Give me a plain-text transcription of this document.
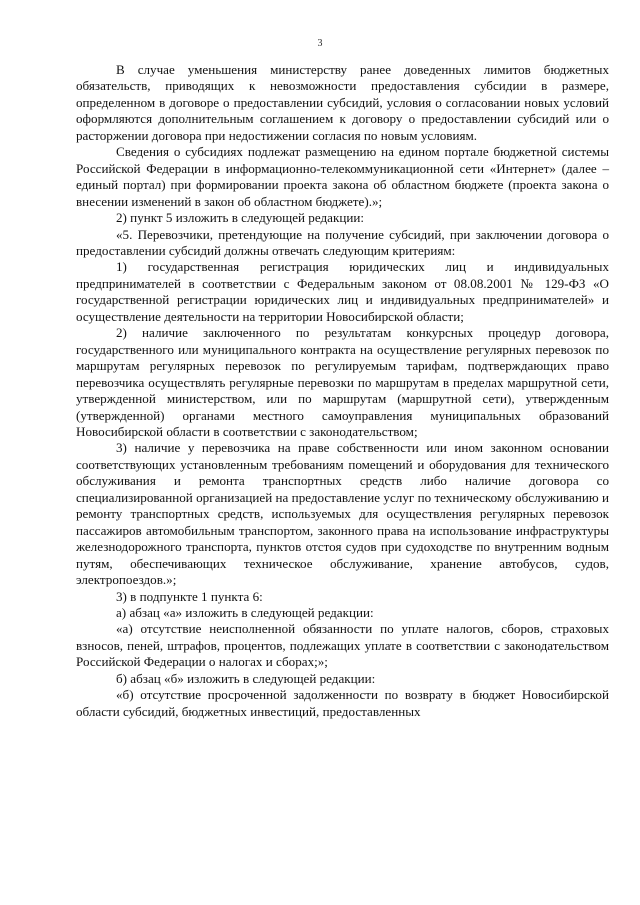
3

В случае уменьшения министерству ранее доведенных лимитов бюджетных обязательств, приводящих к невозможности предоставления субсидии в размере, определенном в договоре о предоставлении субсидий, условия о согласовании новых условий оформляются дополнительным соглашением к договору о предоставлении субсидий или о расторжении договора при недостижении согласия по новым условиям.

Сведения о субсидиях подлежат размещению на едином портале бюджетной системы Российской Федерации в информационно-телекоммуникационной сети «Интернет» (далее – единый портал) при формировании проекта закона об областном бюджете (проекта закона о внесении изменений в закон об областном бюджете).»;

2) пункт 5 изложить в следующей редакции:

«5. Перевозчики, претендующие на получение субсидий, при заключении договора о предоставлении субсидий должны отвечать следующим критериям:

1) государственная регистрация юридических лиц и индивидуальных предпринимателей в соответствии с Федеральным законом от 08.08.2001 № 129-ФЗ «О государственной регистрации юридических лиц и индивидуальных предпринимателей» и осуществление деятельности на территории Новосибирской области;

2) наличие заключенного по результатам конкурсных процедур договора, государственного или муниципального контракта на осуществление регулярных перевозок по маршрутам регулярных перевозок по регулируемым тарифам, подтверждающих право перевозчика осуществлять регулярные перевозки по маршрутам в пределах маршрутной сети, утвержденной министерством, или по маршрутам (маршрутной сети), утвержденным (утвержденной) органами местного самоуправления муниципальных образований Новосибирской области в соответствии с законодательством;

3) наличие у перевозчика на праве собственности или ином законном основании соответствующих установленным требованиям помещений и оборудования для технического обслуживания и ремонта транспортных средств либо наличие договора со специализированной организацией на предоставление услуг по техническому обслуживанию и ремонту транспортных средств, используемых для осуществления регулярных перевозок пассажиров автомобильным транспортом, законного права на использование инфраструктуры железнодорожного транспорта, пунктов отстоя судов при судоходстве по внутренним водным путям, обеспечивающих техническое обслуживание, хранение автобусов, судов, электропоездов.»;

3) в подпункте 1 пункта 6:

а) абзац «а» изложить в следующей редакции:

«а) отсутствие неисполненной обязанности по уплате налогов, сборов, страховых взносов, пеней, штрафов, процентов, подлежащих уплате в соответствии с законодательством Российской Федерации о налогах и сборах;»;

б) абзац «б» изложить в следующей редакции:

«б) отсутствие просроченной задолженности по возврату в бюджет Новосибирской области субсидий, бюджетных инвестиций, предоставленных
